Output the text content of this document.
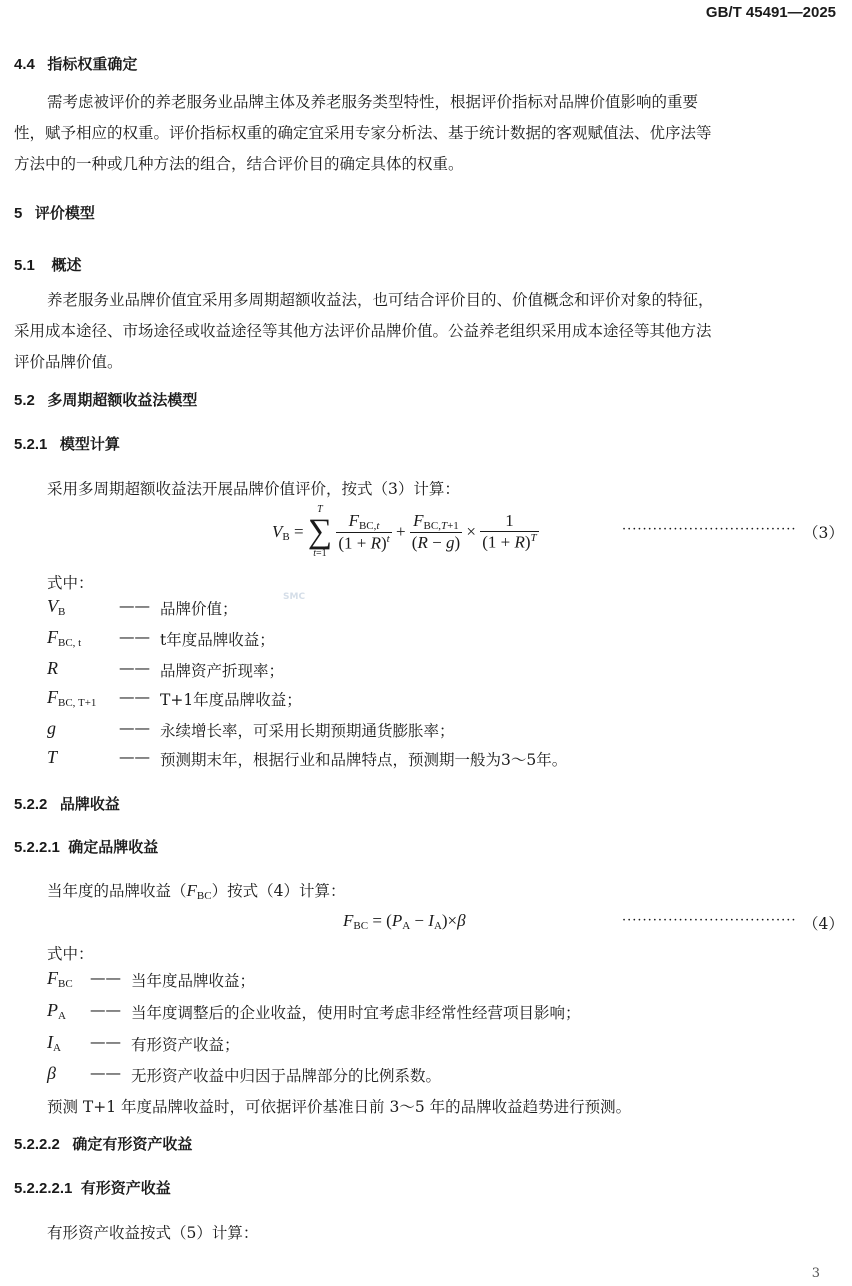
GB/T 45491—2025
4.4 指标权重确定
需考虑被评价的养老服务业品牌主体及养老服务类型特性，根据评价指标对品牌价值影响的重要
性，赋予相应的权重。评价指标权重的确定宜采用专家分析法、基于统计数据的客观赋值法、优序法等
方法中的一种或几种方法的组合，结合评价目的确定具体的权重。
5 评价模型
5.1 概述
养老服务业品牌价值宜采用多周期超额收益法，也可结合评价目的、价值概念和评价对象的特征，
采用成本途径、市场途径或收益途径等其他方法评价品牌价值。公益养老组织采用成本途径等其他方法
评价品牌价值。
5.2 多周期超额收益法模型
5.2.1 模型计算
采用多周期超额收益法开展品牌价值评价，按式（3）计算：
$V_B$ =
T
∑
t=1

$\frac{F_{BC,t}}{(1 + R)^t} + \frac{F_{BC,T+1}}{(R - g)} \times \frac{1}{(1 + R)^T}$	·································· （3）
式中：
$V_B$	—— 品牌价值；
$F_{BC, t}$ —— t年度品牌收益；
R	—— 品牌资产折现率；
$F_{BC, T+1}$ —— T+1年度品牌收益；
g	—— 永续增长率，可采用长期预期通货膨胀率；
T	—— 预测期末年，根据行业和品牌特点，预测期一般为3～5年。
SMC
5.2.2 品牌收益
5.2.2.1 确定品牌收益
当年度的品牌收益$(F_{BC})$按式（4）计算：
$F_{BC} = (P_A - I_A)\times\beta$	·································· （4）
式中：
$F_{BC}$ —— 当年度品牌收益；
$P_A$ —— 当年度调整后的企业收益，使用时宜考虑非经常性经营项目影响；
$I_A$ —— 有形资产收益；
β —— 无形资产收益中归因于品牌部分的比例系数。
预测 T+1 年度品牌收益时，可依据评价基准日前 3～5 年的品牌收益趋势进行预测。
5.2.2.2 确定有形资产收益
5.2.2.2.1 有形资产收益
有形资产收益按式（5）计算：
3
